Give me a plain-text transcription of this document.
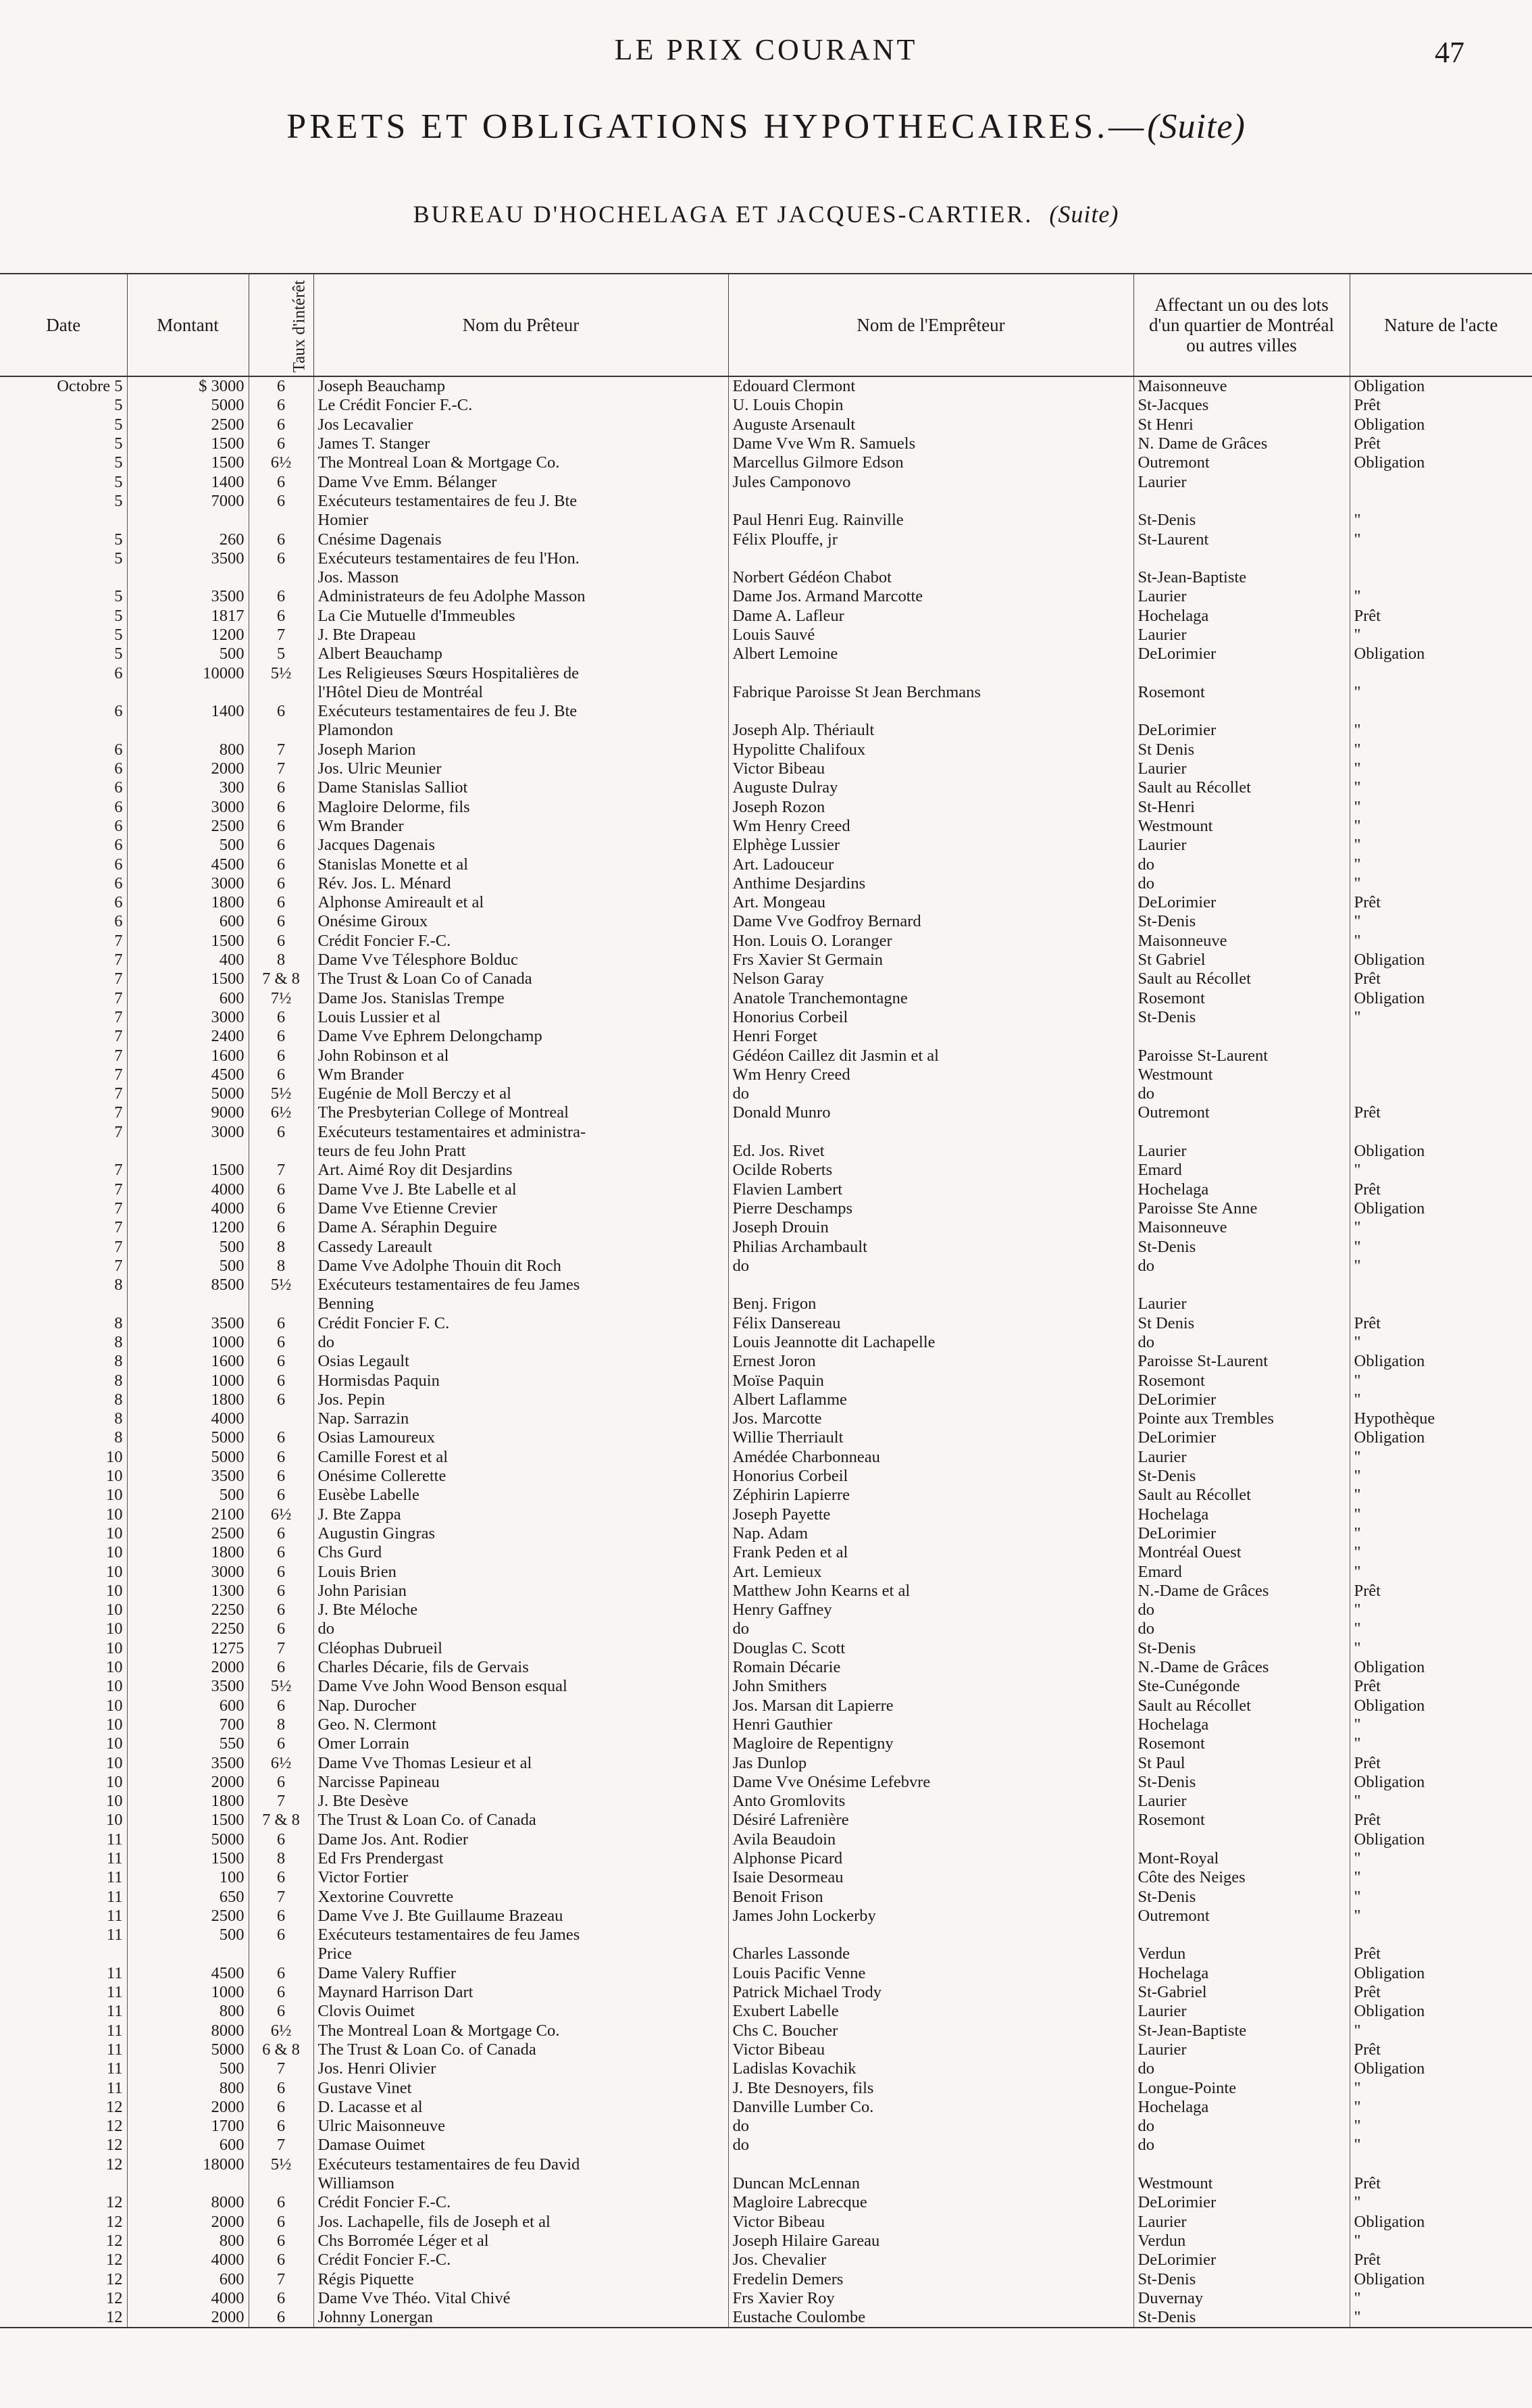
LE PRIX COURANT	47
PRETS ET OBLIGATIONS HYPOTHECAIRES.—(Suite)
BUREAU D'HOCHELAGA ET JACQUES-CARTIER. (Suite)
Date	Montant	Taux d'intérêt	Nom du Prêteur	Nom de l'Emprêteur	Affectant un ou des lots d'un quartier de Montréal ou autres villes	Nature de l'acte
Octobre 5	$ 3000	6	Joseph Beauchamp	Edouard Clermont	Maisonneuve	Obligation
5	5000	6	Le Crédit Foncier F.-C.	U. Louis Chopin	St-Jacques	Prêt
5	2500	6	Jos Lecavalier	Auguste Arsenault	St Henri	Obligation
5	1500	6	James T. Stanger	Dame Vve Wm R. Samuels	N. Dame de Grâces	Prêt
5	1500	6½	The Montreal Loan & Mortgage Co.	Marcellus Gilmore Edson	Outremont	Obligation
5	1400	6	Dame Vve Emm. Bélanger	Jules Camponovo	Laurier	
5	7000	6	Exécuteurs testamentaires de feu J. Bte			
			Homier	Paul Henri Eug. Rainville	St-Denis	"
5	260	6	Cnésime Dagenais	Félix Plouffe, jr	St-Laurent	"
5	3500	6	Exécuteurs testamentaires de feu l'Hon.			
			Jos. Masson	Norbert Gédéon Chabot	St-Jean-Baptiste	
5	3500	6	Administrateurs de feu Adolphe Masson	Dame Jos. Armand Marcotte	Laurier	"
5	1817	6	La Cie Mutuelle d'Immeubles	Dame A. Lafleur	Hochelaga	Prêt
5	1200	7	J. Bte Drapeau	Louis Sauvé	Laurier	"
5	500	5	Albert Beauchamp	Albert Lemoine	DeLorimier	Obligation
6	10000	5½	Les Religieuses Sœurs Hospitalières de			
			l'Hôtel Dieu de Montréal	Fabrique Paroisse St Jean Berchmans	Rosemont	"
6	1400	6	Exécuteurs testamentaires de feu J. Bte			
			Plamondon	Joseph Alp. Thériault	DeLorimier	"
6	800	7	Joseph Marion	Hypolitte Chalifoux	St Denis	"
6	2000	7	Jos. Ulric Meunier	Victor Bibeau	Laurier	"
6	300	6	Dame Stanislas Salliot	Auguste Dulray	Sault au Récollet	"
6	3000	6	Magloire Delorme, fils	Joseph Rozon	St-Henri	"
6	2500	6	Wm Brander	Wm Henry Creed	Westmount	"
6	500	6	Jacques Dagenais	Elphège Lussier	Laurier	"
6	4500	6	Stanislas Monette et al	Art. Ladouceur	do	"
6	3000	6	Rév. Jos. L. Ménard	Anthime Desjardins	do	"
6	1800	6	Alphonse Amireault et al	Art. Mongeau	DeLorimier	Prêt
6	600	6	Onésime Giroux	Dame Vve Godfroy Bernard	St-Denis	"
7	1500	6	Crédit Foncier F.-C.	Hon. Louis O. Loranger	Maisonneuve	"
7	400	8	Dame Vve Télesphore Bolduc	Frs Xavier St Germain	St Gabriel	Obligation
7	1500	7 & 8	The Trust & Loan Co of Canada	Nelson Garay	Sault au Récollet	Prêt
7	600	7½	Dame Jos. Stanislas Trempe	Anatole Tranchemontagne	Rosemont	Obligation
7	3000	6	Louis Lussier et al	Honorius Corbeil	St-Denis	"
7	2400	6	Dame Vve Ephrem Delongchamp	Henri Forget		
7	1600	6	John Robinson et al	Gédéon Caillez dit Jasmin et al	Paroisse St-Laurent	
7	4500	6	Wm Brander	Wm Henry Creed	Westmount	
7	5000	5½	Eugénie de Moll Berczy et al	do	do	
7	9000	6½	The Presbyterian College of Montreal	Donald Munro	Outremont	Prêt
7	3000	6	Exécuteurs testamentaires et administra-			
			teurs de feu John Pratt	Ed. Jos. Rivet	Laurier	Obligation
7	1500	7	Art. Aimé Roy dit Desjardins	Ocilde Roberts	Emard	"
7	4000	6	Dame Vve J. Bte Labelle et al	Flavien Lambert	Hochelaga	Prêt
7	4000	6	Dame Vve Etienne Crevier	Pierre Deschamps	Paroisse Ste Anne	Obligation
7	1200	6	Dame A. Séraphin Deguire	Joseph Drouin	Maisonneuve	"
7	500	8	Cassedy Lareault	Philias Archambault	St-Denis	"
7	500	8	Dame Vve Adolphe Thouin dit Roch	do	do	"
8	8500	5½	Exécuteurs testamentaires de feu James			
			Benning	Benj. Frigon	Laurier	
8	3500	6	Crédit Foncier F. C.	Félix Dansereau	St Denis	Prêt
8	1000	6	do	Louis Jeannotte dit Lachapelle	do	"
8	1600	6	Osias Legault	Ernest Joron	Paroisse St-Laurent	Obligation
8	1000	6	Hormisdas Paquin	Moïse Paquin	Rosemont	"
8	1800	6	Jos. Pepin	Albert Laflamme	DeLorimier	"
8	4000		Nap. Sarrazin	Jos. Marcotte	Pointe aux Trembles	Hypothèque
8	5000	6	Osias Lamoureux	Willie Therriault	DeLorimier	Obligation
10	5000	6	Camille Forest et al	Amédée Charbonneau	Laurier	"
10	3500	6	Onésime Collerette	Honorius Corbeil	St-Denis	"
10	500	6	Eusèbe Labelle	Zéphirin Lapierre	Sault au Récollet	"
10	2100	6½	J. Bte Zappa	Joseph Payette	Hochelaga	"
10	2500	6	Augustin Gingras	Nap. Adam	DeLorimier	"
10	1800	6	Chs Gurd	Frank Peden et al	Montréal Ouest	"
10	3000	6	Louis Brien	Art. Lemieux	Emard	"
10	1300	6	John Parisian	Matthew John Kearns et al	N.-Dame de Grâces	Prêt
10	2250	6	J. Bte Méloche	Henry Gaffney	do	"
10	2250	6	do	do	do	"
10	1275	7	Cléophas Dubrueil	Douglas C. Scott	St-Denis	"
10	2000	6	Charles Décarie, fils de Gervais	Romain Décarie	N.-Dame de Grâces	Obligation
10	3500	5½	Dame Vve John Wood Benson esqual	John Smithers	Ste-Cunégonde	Prêt
10	600	6	Nap. Durocher	Jos. Marsan dit Lapierre	Sault au Récollet	Obligation
10	700	8	Geo. N. Clermont	Henri Gauthier	Hochelaga	"
10	550	6	Omer Lorrain	Magloire de Repentigny	Rosemont	"
10	3500	6½	Dame Vve Thomas Lesieur et al	Jas Dunlop	St Paul	Prêt
10	2000	6	Narcisse Papineau	Dame Vve Onésime Lefebvre	St-Denis	Obligation
10	1800	7	J. Bte Desève	Anto Gromlovits	Laurier	"
10	1500	7 & 8	The Trust & Loan Co. of Canada	Désiré Lafrenière	Rosemont	Prêt
11	5000	6	Dame Jos. Ant. Rodier	Avila Beaudoin		Obligation
11	1500	8	Ed Frs Prendergast	Alphonse Picard	Mont-Royal	"
11	100	6	Victor Fortier	Isaie Desormeau	Côte des Neiges	"
11	650	7	Xextorine Couvrette	Benoit Frison	St-Denis	"
11	2500	6	Dame Vve J. Bte Guillaume Brazeau	James John Lockerby	Outremont	"
11	500	6	Exécuteurs testamentaires de feu James			
			Price	Charles Lassonde	Verdun	Prêt
11	4500	6	Dame Valery Ruffier	Louis Pacific Venne	Hochelaga	Obligation
11	1000	6	Maynard Harrison Dart	Patrick Michael Trody	St-Gabriel	Prêt
11	800	6	Clovis Ouimet	Exubert Labelle	Laurier	Obligation
11	8000	6½	The Montreal Loan & Mortgage Co.	Chs C. Boucher	St-Jean-Baptiste	"
11	5000	6 & 8	The Trust & Loan Co. of Canada	Victor Bibeau	Laurier	Prêt
11	500	7	Jos. Henri Olivier	Ladislas Kovachik	do	Obligation
11	800	6	Gustave Vinet	J. Bte Desnoyers, fils	Longue-Pointe	"
12	2000	6	D. Lacasse et al	Danville Lumber Co.	Hochelaga	"
12	1700	6	Ulric Maisonneuve	do	do	"
12	600	7	Damase Ouimet	do	do	"
12	18000	5½	Exécuteurs testamentaires de feu David			
			Williamson	Duncan McLennan	Westmount	Prêt
12	8000	6	Crédit Foncier F.-C.	Magloire Labrecque	DeLorimier	"
12	2000	6	Jos. Lachapelle, fils de Joseph et al	Victor Bibeau	Laurier	Obligation
12	800	6	Chs Borromée Léger et al	Joseph Hilaire Gareau	Verdun	"
12	4000	6	Crédit Foncier F.-C.	Jos. Chevalier	DeLorimier	Prêt
12	600	7	Régis Piquette	Fredelin Demers	St-Denis	Obligation
12	4000	6	Dame Vve Théo. Vital Chivé	Frs Xavier Roy	Duvernay	"
12	2000	6	Johnny Lonergan	Eustache Coulombe	St-Denis	"
